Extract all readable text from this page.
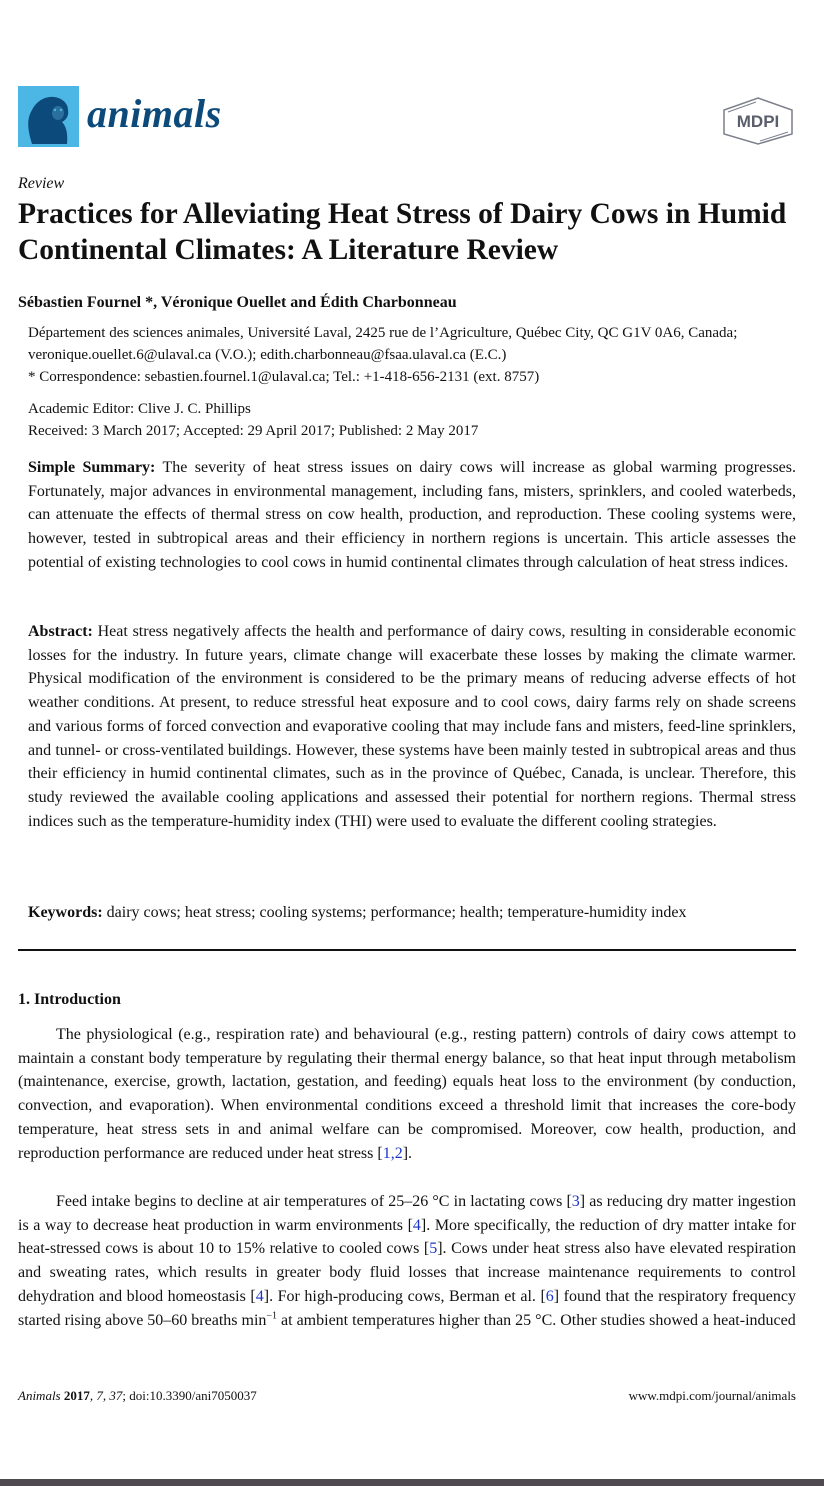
animals	MDPI
Review
Practices for Alleviating Heat Stress of Dairy Cows in Humid Continental Climates: A Literature Review
Sébastien Fournel *, Véronique Ouellet and Édith Charbonneau
Département des sciences animales, Université Laval, 2425 rue de l’Agriculture, Québec City, QC G1V 0A6, Canada; veronique.ouellet.6@ulaval.ca (V.O.); edith.charbonneau@fsaa.ulaval.ca (E.C.)
* Correspondence: sebastien.fournel.1@ulaval.ca; Tel.: +1-418-656-2131 (ext. 8757)
Academic Editor: Clive J. C. Phillips
Received: 3 March 2017; Accepted: 29 April 2017; Published: 2 May 2017
Simple Summary: The severity of heat stress issues on dairy cows will increase as global warming progresses. Fortunately, major advances in environmental management, including fans, misters, sprinklers, and cooled waterbeds, can attenuate the effects of thermal stress on cow health, production, and reproduction. These cooling systems were, however, tested in subtropical areas and their efficiency in northern regions is uncertain. This article assesses the potential of existing technologies to cool cows in humid continental climates through calculation of heat stress indices.
Abstract: Heat stress negatively affects the health and performance of dairy cows, resulting in considerable economic losses for the industry. In future years, climate change will exacerbate these losses by making the climate warmer. Physical modification of the environment is considered to be the primary means of reducing adverse effects of hot weather conditions. At present, to reduce stressful heat exposure and to cool cows, dairy farms rely on shade screens and various forms of forced convection and evaporative cooling that may include fans and misters, feed-line sprinklers, and tunnel- or cross-ventilated buildings. However, these systems have been mainly tested in subtropical areas and thus their efficiency in humid continental climates, such as in the province of Québec, Canada, is unclear. Therefore, this study reviewed the available cooling applications and assessed their potential for northern regions. Thermal stress indices such as the temperature-humidity index (THI) were used to evaluate the different cooling strategies.
Keywords: dairy cows; heat stress; cooling systems; performance; health; temperature-humidity index
1. Introduction
The physiological (e.g., respiration rate) and behavioural (e.g., resting pattern) controls of dairy cows attempt to maintain a constant body temperature by regulating their thermal energy balance, so that heat input through metabolism (maintenance, exercise, growth, lactation, gestation, and feeding) equals heat loss to the environment (by conduction, convection, and evaporation). When environmental conditions exceed a threshold limit that increases the core-body temperature, heat stress sets in and animal welfare can be compromised. Moreover, cow health, production, and reproduction performance are reduced under heat stress [1,2].
Feed intake begins to decline at air temperatures of 25–26 °C in lactating cows [3] as reducing dry matter ingestion is a way to decrease heat production in warm environments [4]. More specifically, the reduction of dry matter intake for heat-stressed cows is about 10 to 15% relative to cooled cows [5]. Cows under heat stress also have elevated respiration and sweating rates, which results in greater body fluid losses that increase maintenance requirements to control dehydration and blood homeostasis [4]. For high-producing cows, Berman et al. [6] found that the respiratory frequency started rising above 50–60 breaths $\min^{-1}$ at ambient temperatures higher than 25 °C. Other studies showed a heat-induced
Animals 2017, 7, 37; doi:10.3390/ani7050037	www.mdpi.com/journal/animals
